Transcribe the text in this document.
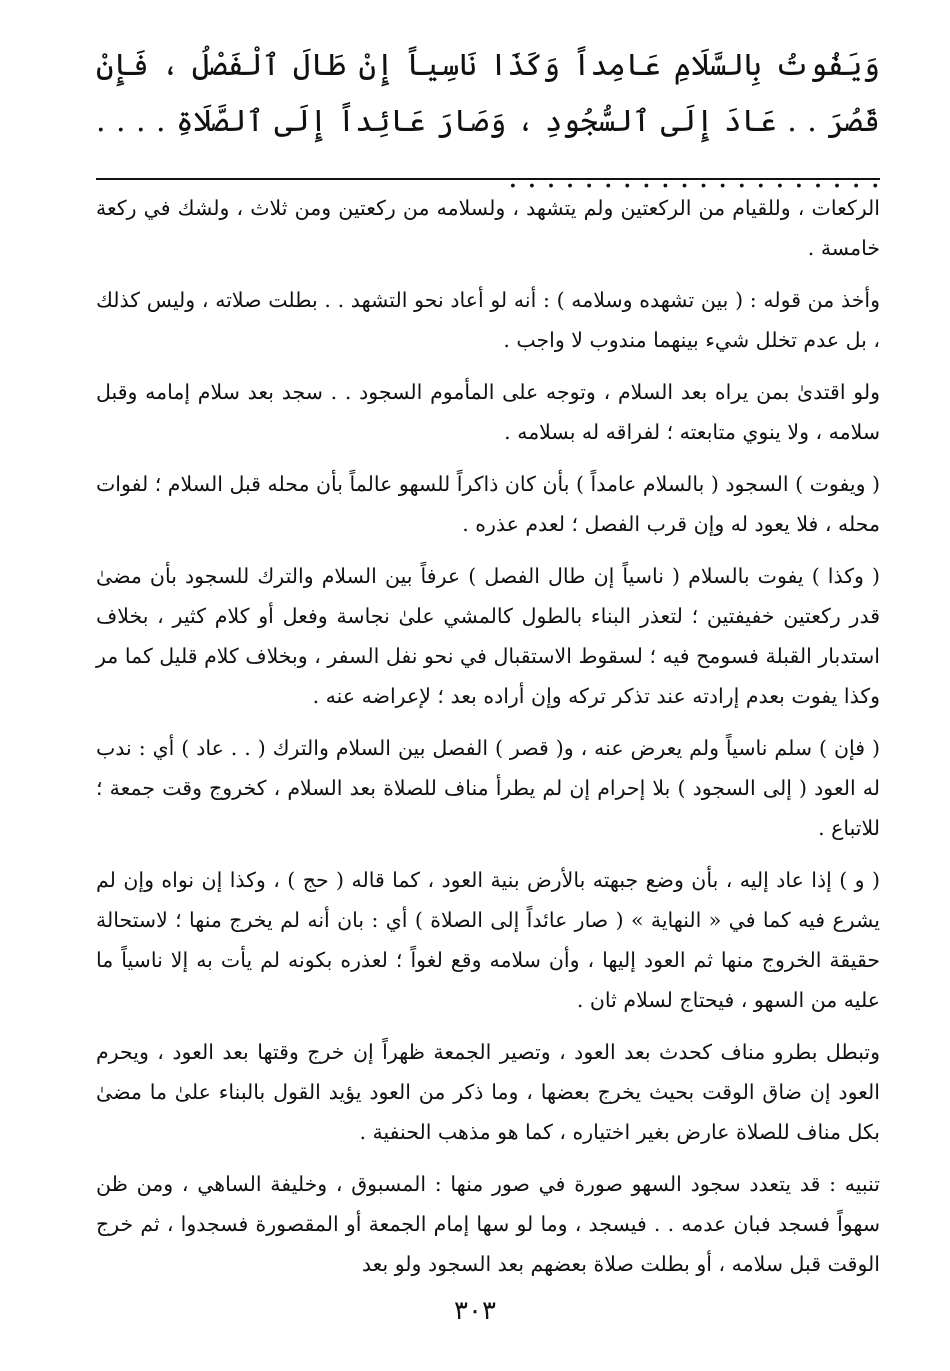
وَيَفُوتُ بِالسَّلَامِ عَامِداً وَكَذَا نَاسِياً إِنْ طَالَ ٱلْفَصْلُ ، فَإِنْ قَصُرَ . . عَادَ إِلَى ٱلسُّجُودِ ، وَصَارَ عَائِداً إِلَى ٱلصَّلَاةِ . . . . . . . . . . . . . . . . . . . . . . . .

الركعات ، وللقيام من الركعتين ولم يتشهد ، ولسلامه من ركعتين ومن ثلاث ، ولشك في ركعة خامسة .

وأخذ من قوله : ( بين تشهده وسلامه ) : أنه لو أعاد نحو التشهد . . بطلت صلاته ، وليس كذلك ، بل عدم تخلل شيء بينهما مندوب لا واجب .

ولو اقتدىٰ بمن يراه بعد السلام ، وتوجه على المأموم السجود . . سجد بعد سلام إمامه وقبل سلامه ، ولا ينوي متابعته ؛ لفراقه له بسلامه .

( ويفوت ) السجود ( بالسلام عامداً ) بأن كان ذاكراً للسهو عالماً بأن محله قبل السلام ؛ لفوات محله ، فلا يعود له وإن قرب الفصل ؛ لعدم عذره .

( وكذا ) يفوت بالسلام ( ناسياً إن طال الفصل ) عرفاً بين السلام والترك للسجود بأن مضىٰ قدر ركعتين خفيفتين ؛ لتعذر البناء بالطول كالمشي علىٰ نجاسة وفعل أو كلام كثير ، بخلاف استدبار القبلة فسومح فيه ؛ لسقوط الاستقبال في نحو نفل السفر ، وبخلاف كلام قليل كما مر وكذا يفوت بعدم إرادته عند تذكر تركه وإن أراده بعد ؛ لإعراضه عنه .

( فإن ) سلم ناسياً ولم يعرض عنه ، و( قصر ) الفصل بين السلام والترك ( . . عاد ) أي : ندب له العود ( إلى السجود ) بلا إحرام إن لم يطرأ مناف للصلاة بعد السلام ، كخروج وقت جمعة ؛ للاتباع .

( و ) إذا عاد إليه ، بأن وضع جبهته بالأرض بنية العود ، كما قاله ( حج ) ، وكذا إن نواه وإن لم يشرع فيه كما في « النهاية » ( صار عائداً إلى الصلاة ) أي : بان أنه لم يخرج منها ؛ لاستحالة حقيقة الخروج منها ثم العود إليها ، وأن سلامه وقع لغواً ؛ لعذره بكونه لم يأت به إلا ناسياً ما عليه من السهو ، فيحتاج لسلام ثان .

وتبطل بطرو مناف كحدث بعد العود ، وتصير الجمعة ظهراً إن خرج وقتها بعد العود ، ويحرم العود إن ضاق الوقت بحيث يخرج بعضها ، وما ذكر من العود يؤيد القول بالبناء علىٰ ما مضىٰ بكل مناف للصلاة عارض بغير اختياره ، كما هو مذهب الحنفية .

تنبيه : قد يتعدد سجود السهو صورة في صور منها : المسبوق ، وخليفة الساهي ، ومن ظن سهواً فسجد فبان عدمه . . فيسجد ، وما لو سها إمام الجمعة أو المقصورة فسجدوا ، ثم خرج الوقت قبل سلامه ، أو بطلت صلاة بعضهم بعد السجود ولو بعد

٣٠٣
